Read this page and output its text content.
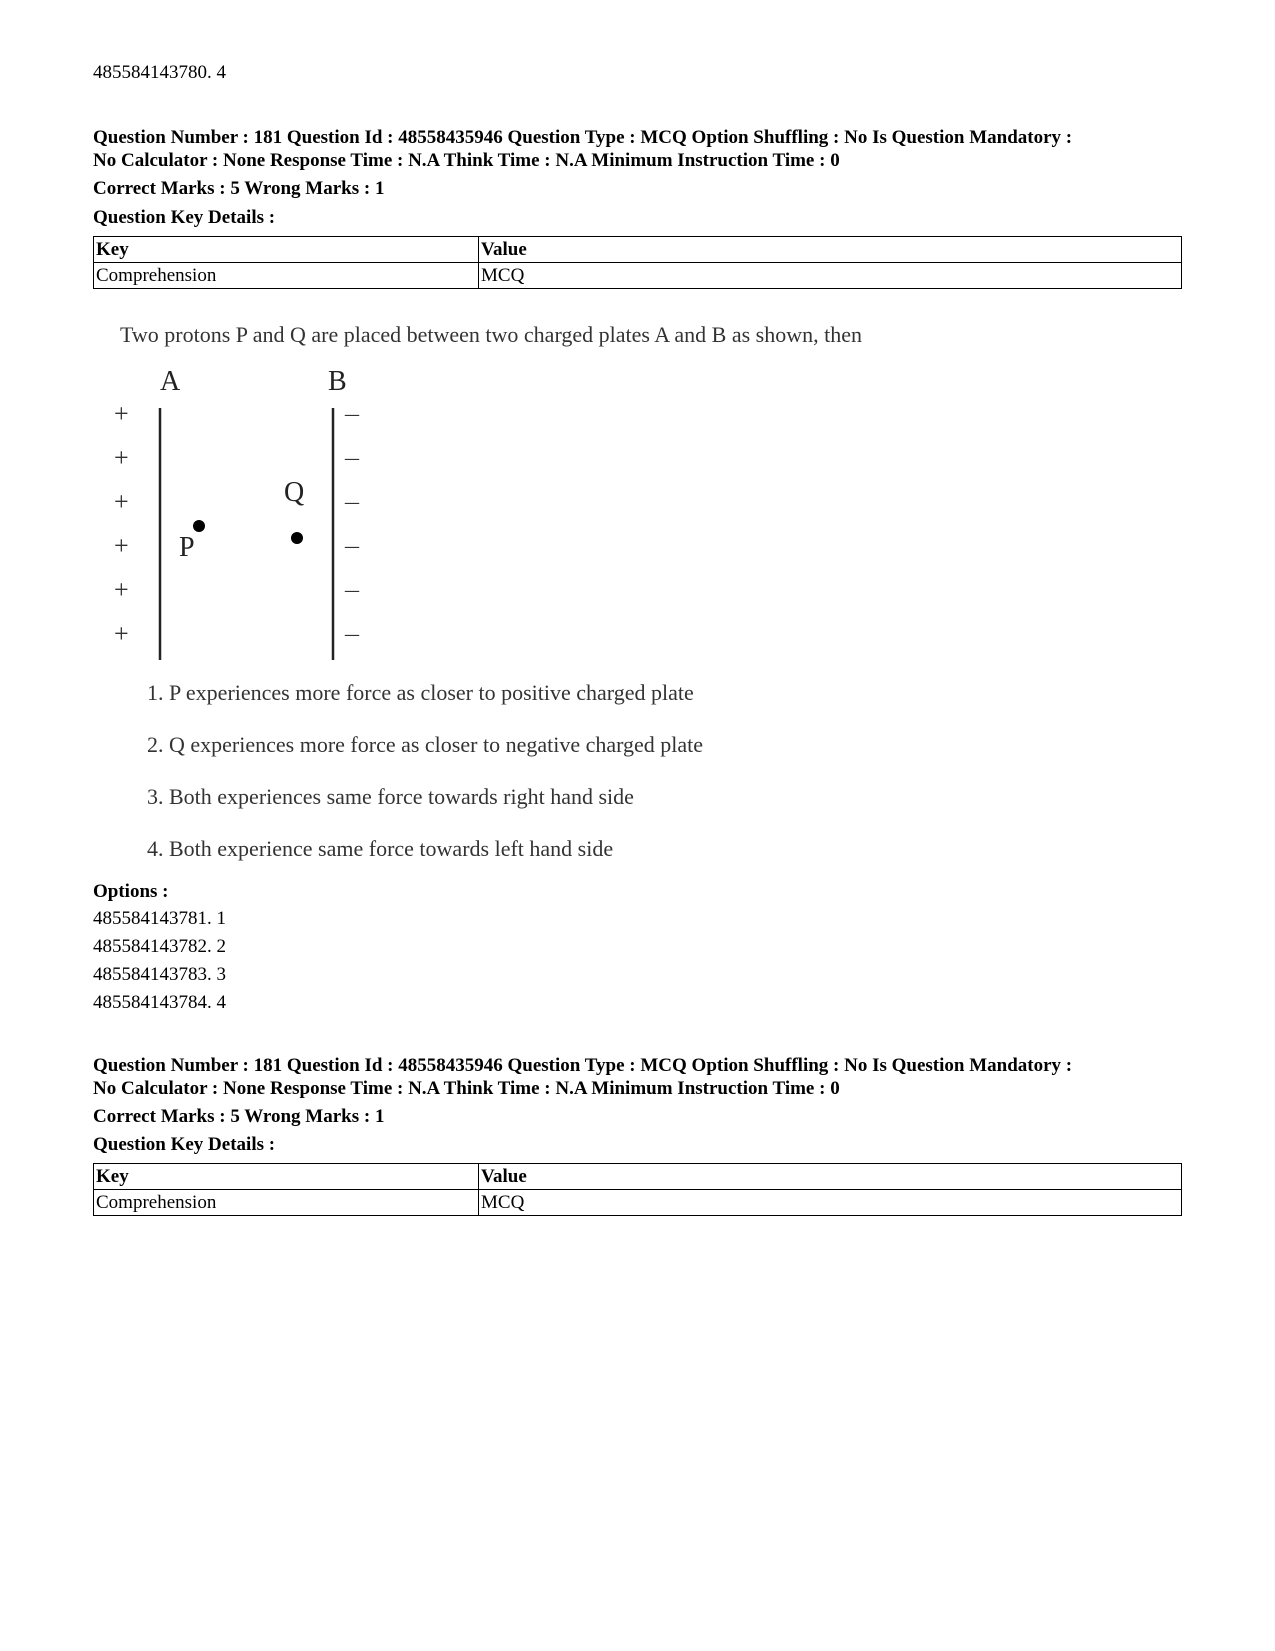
485584143780. 4
Question Number : 181 Question Id : 48558435946 Question Type : MCQ Option Shuffling : No Is Question Mandatory :
No Calculator : None Response Time : N.A Think Time : N.A Minimum Instruction Time : 0
Correct Marks : 5 Wrong Marks : 1
Question Key Details :
Key	Value
Comprehension	MCQ
Two protons P and Q are placed between two charged plates A and B as shown, then
A	B
+
+
+
+
+
+
—
—
—
—
—
—
P
Q
1. P experiences more force as closer to positive charged plate
2. Q experiences more force as closer to negative charged plate
3. Both experiences same force towards right hand side
4. Both experience same force towards left hand side
Options :
485584143781. 1
485584143782. 2
485584143783. 3
485584143784. 4
Question Number : 181 Question Id : 48558435946 Question Type : MCQ Option Shuffling : No Is Question Mandatory :
No Calculator : None Response Time : N.A Think Time : N.A Minimum Instruction Time : 0
Correct Marks : 5 Wrong Marks : 1
Question Key Details :
Key	Value
Comprehension	MCQ
